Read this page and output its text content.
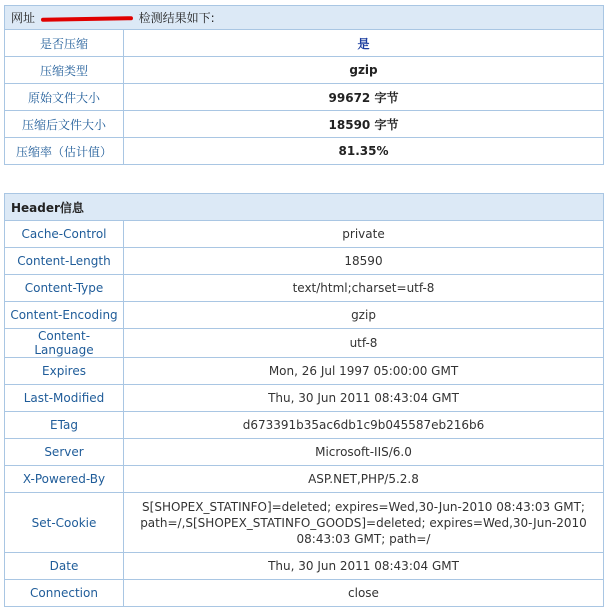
网址 检测结果如下:	
是否压缩	是
压缩类型	gzip
原始文件大小	99672 字节
压缩后文件大小	18590 字节
压缩率（估计值）	81.35%
Header信息	
Cache-Control	private
Content-Length	18590
Content-Type	text/html;charset=utf-8
Content-Encoding	gzip
Content-Language	utf-8
Expires	Mon, 26 Jul 1997 05:00:00 GMT
Last-Modified	Thu, 30 Jun 2011 08:43:04 GMT
ETag	d673391b35ac6db1c9b045587eb216b6
Server	Microsoft-IIS/6.0
X-Powered-By	ASP.NET,PHP/5.2.8
Set-Cookie	S[SHOPEX_STATINFO]=deleted; expires=Wed,30-Jun-2010 08:43:03 GMT; path=/,S[SHOPEX_STATINFO_GOODS]=deleted; expires=Wed,30-Jun-2010 08:43:03 GMT; path=/
Date	Thu, 30 Jun 2011 08:43:04 GMT
Connection	close
